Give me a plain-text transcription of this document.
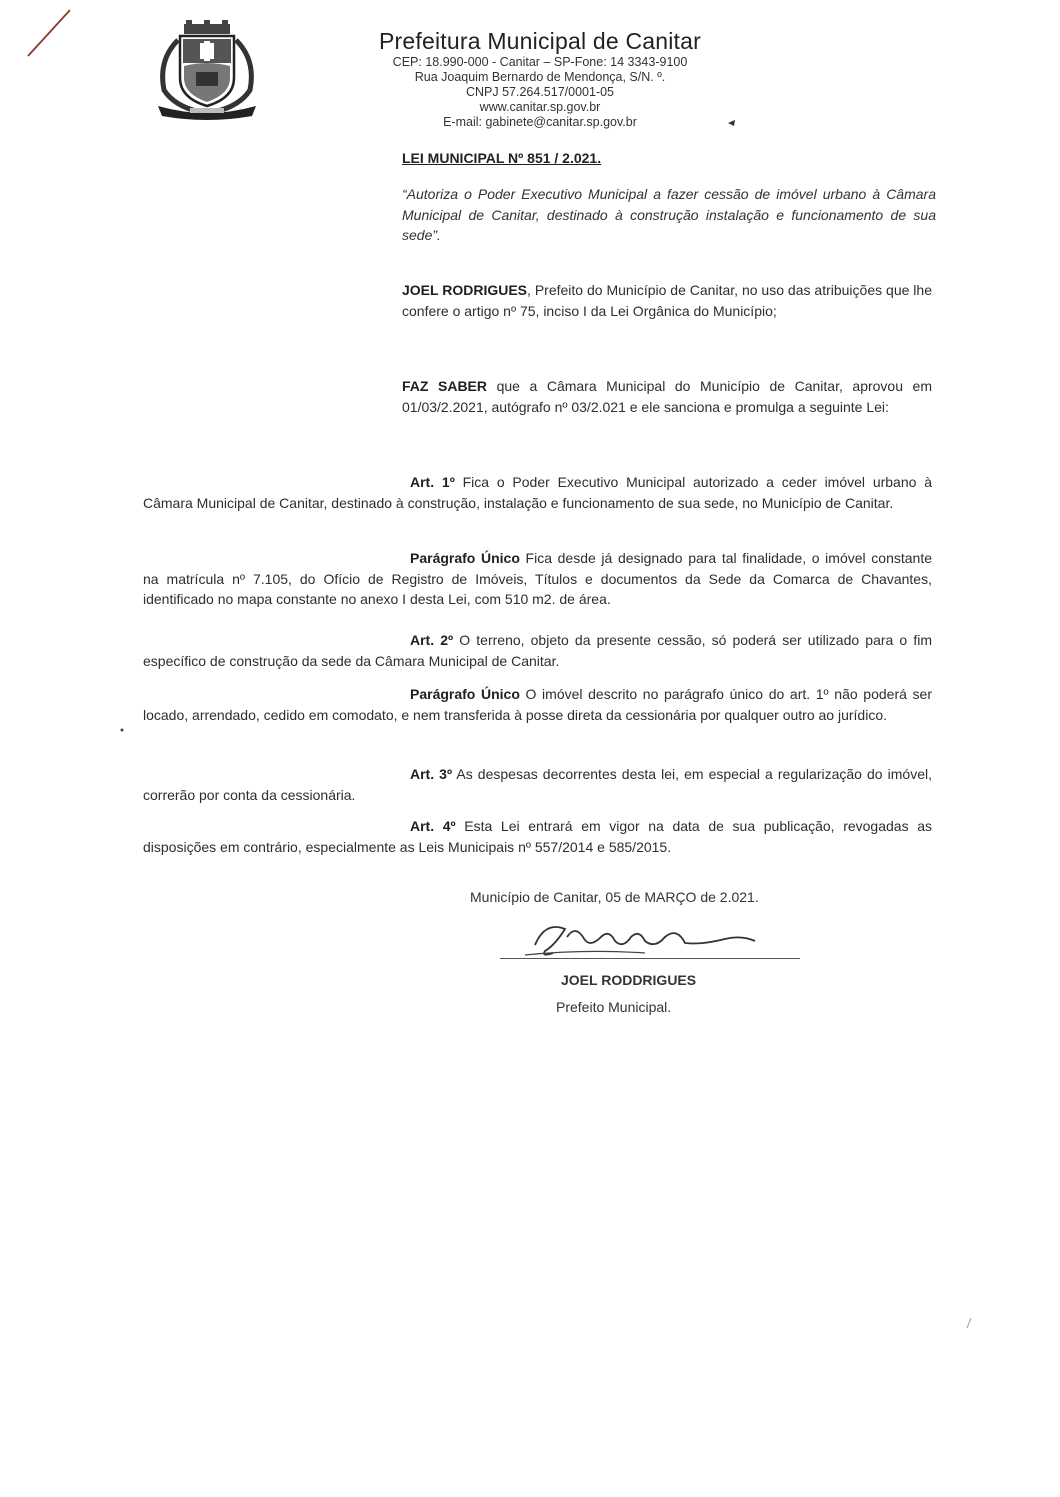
Prefeitura Municipal de Canitar
CEP: 18.990-000 - Canitar – SP-Fone: 14 3343-9100
Rua Joaquim Bernardo de Mendonça, S/N. º.
CNPJ 57.264.517/0001-05
www.canitar.sp.gov.br
E-mail: gabinete@canitar.sp.gov.br
LEI MUNICIPAL Nº 851 / 2.021.
“Autoriza o Poder Executivo Municipal a fazer cessão de imóvel urbano à Câmara Municipal de Canitar, destinado à construção instalação e funcionamento de sua sede”.
JOEL RODRIGUES, Prefeito do Município de Canitar, no uso das atribuições que lhe confere o artigo nº 75, inciso I da Lei Orgânica do Município;
FAZ SABER que a Câmara Municipal do Município de Canitar, aprovou em 01/03/2.2021, autógrafo nº 03/2.021 e ele sanciona e promulga a seguinte Lei:
Art. 1º Fica o Poder Executivo Municipal autorizado a ceder imóvel urbano à Câmara Municipal de Canitar, destinado à construção, instalação e funcionamento de sua sede, no Município de Canitar.
Parágrafo Único Fica desde já designado para tal finalidade, o imóvel constante na matrícula nº 7.105, do Ofício de Registro de Imóveis, Títulos e documentos da Sede da Comarca de Chavantes, identificado no mapa constante no anexo I desta Lei, com 510 m2. de área.
Art. 2º O terreno, objeto da presente cessão, só poderá ser utilizado para o fim específico de construção da sede da Câmara Municipal de Canitar.
Parágrafo Único O imóvel descrito no parágrafo único do art. 1º não poderá ser locado, arrendado, cedido em comodato, e nem transferida à posse direta da cessionária por qualquer outro ao jurídico.
Art. 3º As despesas decorrentes desta lei, em especial a regularização do imóvel, correrão por conta da cessionária.
Art. 4º Esta Lei entrará em vigor na data de sua publicação, revogadas as disposições em contrário, especialmente as Leis Municipais nº 557/2014 e 585/2015.
Município de Canitar, 05 de MARÇO de 2.021.
JOEL RODDRIGUES
Prefeito Municipal.
